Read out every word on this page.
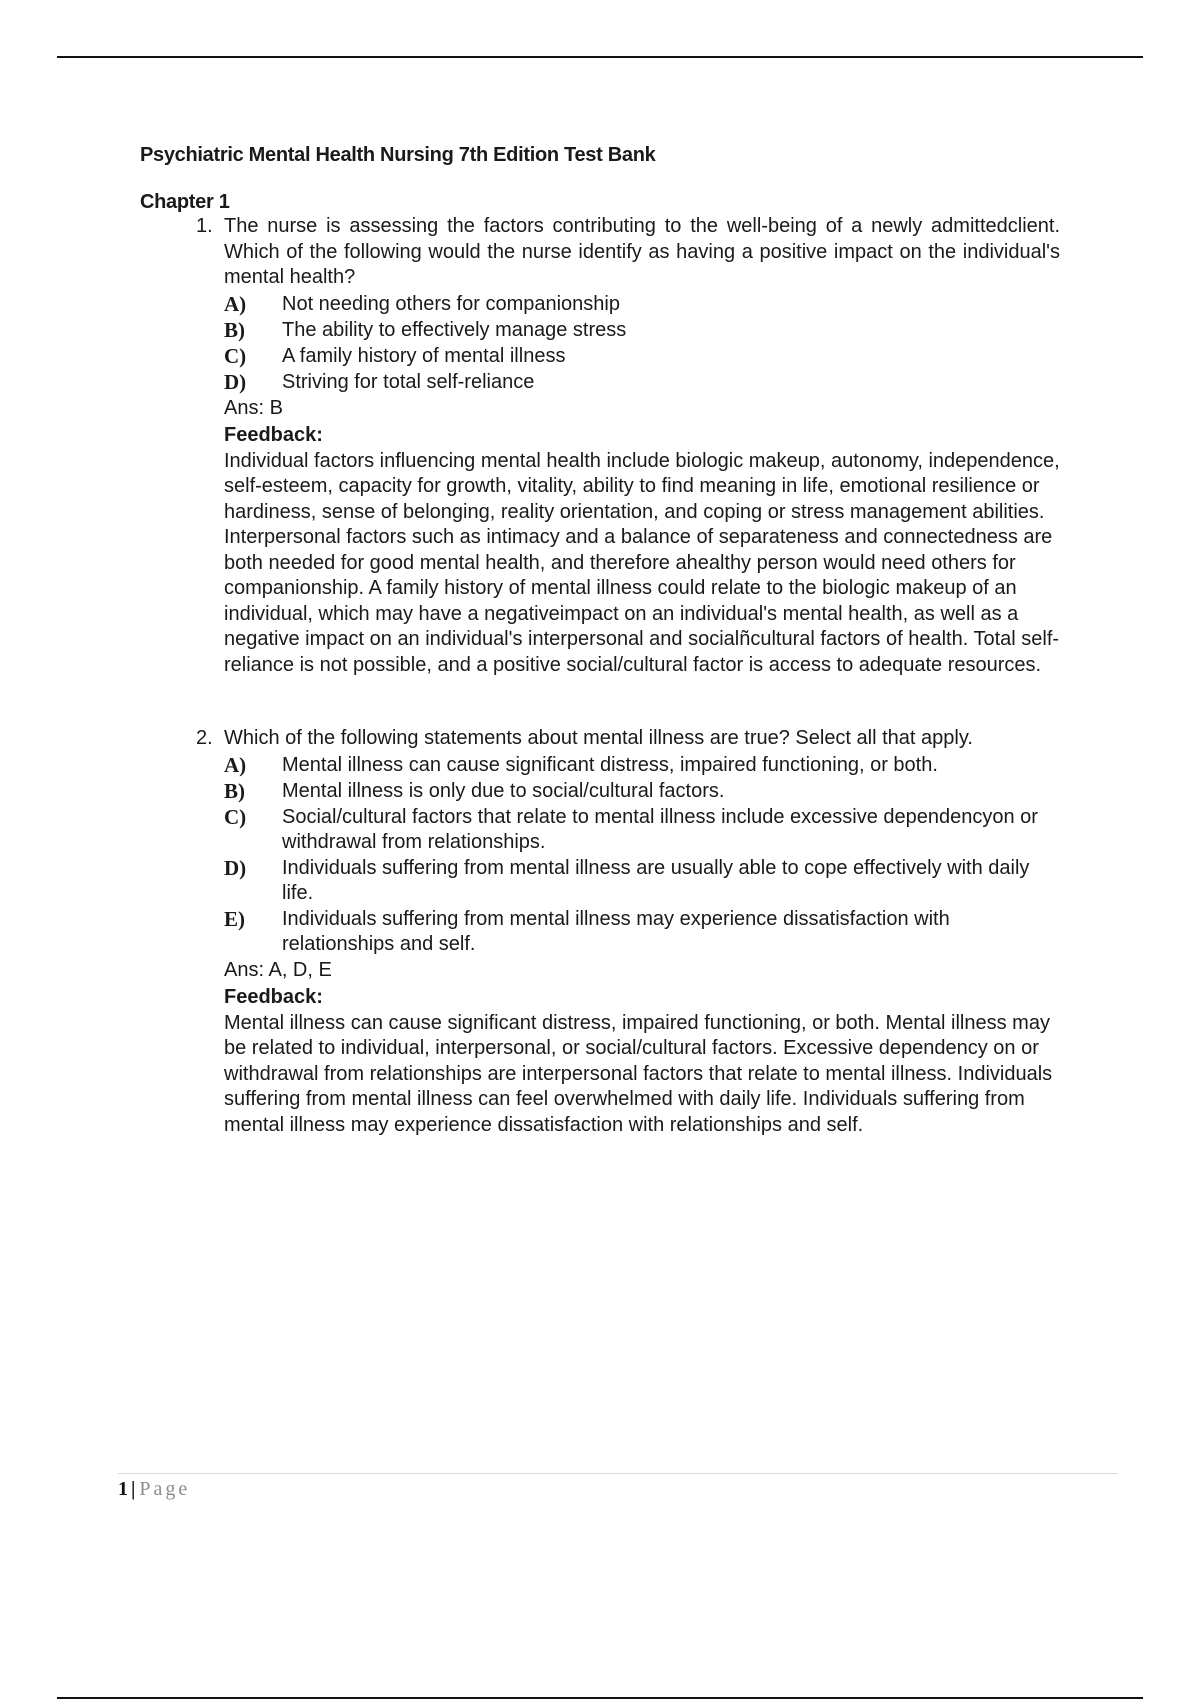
Psychiatric Mental Health Nursing 7th Edition Test Bank

Chapter 1

1. The nurse is assessing the factors contributing to the well-being of a newly admittedclient. Which of the following would the nurse identify as having a positive impact on the individual's mental health?
A)	Not needing others for companionship
B)	The ability to effectively manage stress
C)	A family history of mental illness
D)	Striving for total self-reliance
Ans: B
Feedback:
Individual factors influencing mental health include biologic makeup, autonomy, independence, self-esteem, capacity for growth, vitality, ability to find meaning in life, emotional resilience or hardiness, sense of belonging, reality orientation, and coping or stress management abilities. Interpersonal factors such as intimacy and a balance of separateness and connectedness are both needed for good mental health, and therefore ahealthy person would need others for companionship. A family history of mental illness could relate to the biologic makeup of an individual, which may have a negativeimpact on an individual's mental health, as well as a negative impact on an individual's interpersonal and socialñcultural factors of health. Total self-reliance is not possible, and a positive social/cultural factor is access to adequate resources.
2. Which of the following statements about mental illness are true? Select all that apply.
A)	Mental illness can cause significant distress, impaired functioning, or both.
B)	Mental illness is only due to social/cultural factors.
C)	Social/cultural factors that relate to mental illness include excessive dependencyon or withdrawal from relationships.
D)	Individuals suffering from mental illness are usually able to cope effectively with daily life.
E)	Individuals suffering from mental illness may experience dissatisfaction with relationships and self.
Ans: A, D, E
Feedback:
Mental illness can cause significant distress, impaired functioning, or both. Mental illness may be related to individual, interpersonal, or social/cultural factors. Excessive dependency on or withdrawal from relationships are interpersonal factors that relate to mental illness. Individuals suffering from mental illness can feel overwhelmed with daily life. Individuals suffering from mental illness may experience dissatisfaction with relationships and self.
1 | Page
